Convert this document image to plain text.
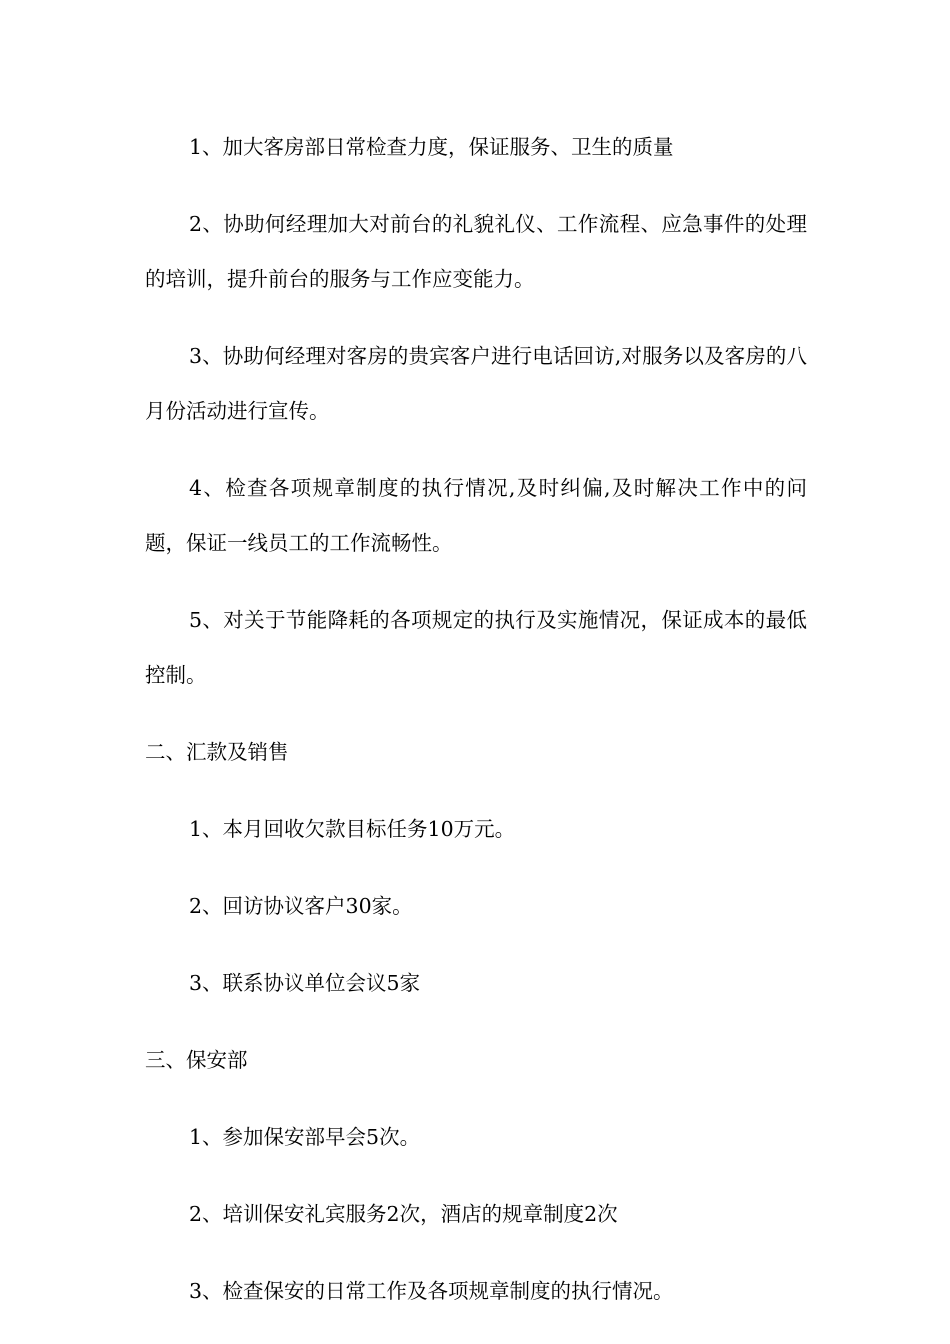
1、加大客房部日常检查力度，保证服务、卫生的质量

2、协助何经理加大对前台的礼貌礼仪、工作流程、应急事件的处理的培训，提升前台的服务与工作应变能力。

3、协助何经理对客房的贵宾客户进行电话回访,对服务以及客房的八月份活动进行宣传。

4、检查各项规章制度的执行情况,及时纠偏,及时解决工作中的问题，保证一线员工的工作流畅性。

5、对关于节能降耗的各项规定的执行及实施情况，保证成本的最低控制。

二、汇款及销售

1、本月回收欠款目标任务10万元。

2、回访协议客户30家。

3、联系协议单位会议5家

三、保安部

1、参加保安部早会5次。

2、培训保安礼宾服务2次，酒店的规章制度2次

3、检查保安的日常工作及各项规章制度的执行情况。
